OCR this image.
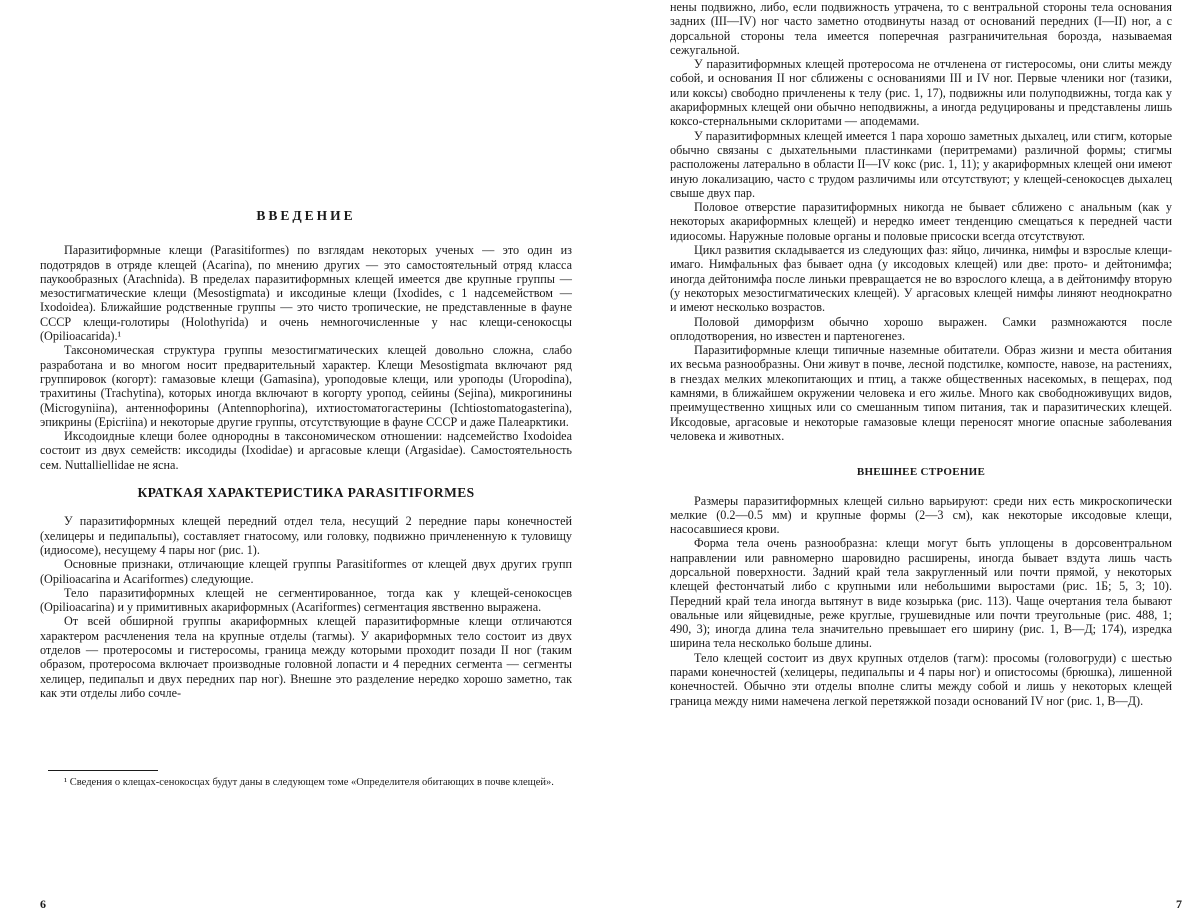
ВВЕДЕНИЕ

Паразитиформные клещи (Parasitiformes) по взглядам некоторых ученых — это один из подотрядов в отряде клещей (Acarina), по мнению других — это самостоятельный отряд класса паукообразных (Arachnida). В пределах паразитиформных клещей имеется две крупные группы — мезостигматические клещи (Mesostigmata) и иксодиные клещи (Ixodides, с 1 надсемейством — Ixodoidea). Ближайшие родственные группы — это чисто тропические, не представленные в фауне СССР клещи-голотиры (Holothyrida) и очень немногочисленные у нас клещи-сенокосцы (Opilioacarida).¹

Таксономическая структура группы мезостигматических клещей довольно сложна, слабо разработана и во многом носит предварительный характер. Клещи Mesostigmata включают ряд группировок (когорт): гамазовые клещи (Gamasina), уроподовые клещи, или уроподы (Uropodina), трахитины (Trachytina), которых иногда включают в когорту уропод, сейины (Sejina), микрогинины (Microgyniina), антеннофорины (Antennophorina), ихтиостоматогастерины (Ichtiostomatogasterina), эпикрины (Epicriina) и некоторые другие группы, отсутствующие в фауне СССР и даже Палеарктики.

Иксодоидные клещи более однородны в таксономическом отношении: надсемейство Ixodoidea состоит из двух семейств: иксодиды (Ixodidae) и аргасовые клещи (Argasidae). Самостоятельность сем. Nuttalliellidae не ясна.

КРАТКАЯ ХАРАКТЕРИСТИКА PARASITIFORMES

У паразитиформных клещей передний отдел тела, несущий 2 передние пары конечностей (хелицеры и педипальпы), составляет гнатосому, или головку, подвижно причлененную к туловищу (идиосоме), несущему 4 пары ног (рис. 1).

Основные признаки, отличающие клещей группы Parasitiformes от клещей двух других групп (Opilioacarina и Acariformes) следующие.

Тело паразитиформных клещей не сегментированное, тогда как у клещей-сенокосцев (Opilioacarina) и у примитивных акариформных (Acariformes) сегментация явственно выражена.

От всей обширной группы акариформных клещей паразитиформные клещи отличаются характером расчленения тела на крупные отделы (тагмы). У акариформных тело состоит из двух отделов — протеросомы и гистеросомы, граница между которыми проходит позади II ног (таким образом, протеросома включает производные головной лопасти и 4 передних сегмента — сегменты хелицер, педипальп и двух передних пар ног). Внешне это разделение нередко хорошо заметно, так как эти отделы либо сочле-

¹ Сведения о клещах-сенокосцах будут даны в следующем томе «Определителя обитающих в почве клещей».

6

нены подвижно, либо, если подвижность утрачена, то с вентральной стороны тела основания задних (III—IV) ног часто заметно отодвинуты назад от оснований передних (I—II) ног, а с дорсальной стороны тела имеется поперечная разграничительная борозда, называемая сежугальной.

У паразитиформных клещей протеросома не отчленена от гистеросомы, они слиты между собой, и основания II ног сближены с основаниями III и IV ног. Первые членики ног (тазики, или коксы) свободно причленены к телу (рис. 1, 17), подвижны или полуподвижны, тогда как у акариформных клещей они обычно неподвижны, а иногда редуцированы и представлены лишь коксо-стернальными склоритами — аподемами.

У паразитиформных клещей имеется 1 пара хорошо заметных дыхалец, или стигм, которые обычно связаны с дыхательными пластинками (перитремами) различной формы; стигмы расположены латерально в области II—IV кокс (рис. 1, 11); у акариформных клещей они имеют иную локализацию, часто с трудом различимы или отсутствуют; у клещей-сенокосцев дыхалец свыше двух пар.

Половое отверстие паразитиформных никогда не бывает сближено с анальным (как у некоторых акариформных клещей) и нередко имеет тенденцию смещаться к передней части идиосомы. Наружные половые органы и половые присоски всегда отсутствуют.

Цикл развития складывается из следующих фаз: яйцо, личинка, нимфы и взрослые клещи-имаго. Нимфальных фаз бывает одна (у иксодовых клещей) или две: прото- и дейтонимфа; иногда дейтонимфа после линьки превращается не во взрослого клеща, а в дейтонимфу вторую (у некоторых мезостигматических клещей). У аргасовых клещей нимфы линяют неоднократно и имеют несколько возрастов.

Половой диморфизм обычно хорошо выражен. Самки размножаются после оплодотворения, но известен и партеногенез.

Паразитиформные клещи типичные наземные обитатели. Образ жизни и места обитания их весьма разнообразны. Они живут в почве, лесной подстилке, компосте, навозе, на растениях, в гнездах мелких млекопитающих и птиц, а также общественных насекомых, в пещерах, под камнями, в ближайшем окружении человека и его жилье. Много как свободноживущих видов, преимущественно хищных или со смешанным типом питания, так и паразитических клещей. Иксодовые, аргасовые и некоторые гамазовые клещи переносят многие опасные заболевания человека и животных.

ВНЕШНЕЕ СТРОЕНИЕ

Размеры паразитиформных клещей сильно варьируют: среди них есть микроскопически мелкие (0.2—0.5 мм) и крупные формы (2—3 см), как некоторые иксодовые клещи, насосавшиеся крови.

Форма тела очень разнообразна: клещи могут быть уплощены в дорсовентральном направлении или равномерно шаровидно расширены, иногда бывает вздута лишь часть дорсальной поверхности. Задний край тела закругленный или почти прямой, у некоторых клещей фестончатый либо с крупными или небольшими выростами (рис. 1Б; 5, 3; 10). Передний край тела иногда вытянут в виде козырька (рис. 113). Чаще очертания тела бывают овальные или яйцевидные, реже круглые, грушевидные или почти треугольные (рис. 488, 1; 490, 3); иногда длина тела значительно превышает его ширину (рис. 1, В—Д; 174), изредка ширина тела несколько больше длины.

Тело клещей состоит из двух крупных отделов (тагм): просомы (головогруди) с шестью парами конечностей (хелицеры, педипальпы и 4 пары ног) и опистосомы (брюшка), лишенной конечностей. Обычно эти отделы вполне слиты между собой и лишь у некоторых клещей граница между ними намечена легкой перетяжкой позади оснований IV ног (рис. 1, В—Д).

7
